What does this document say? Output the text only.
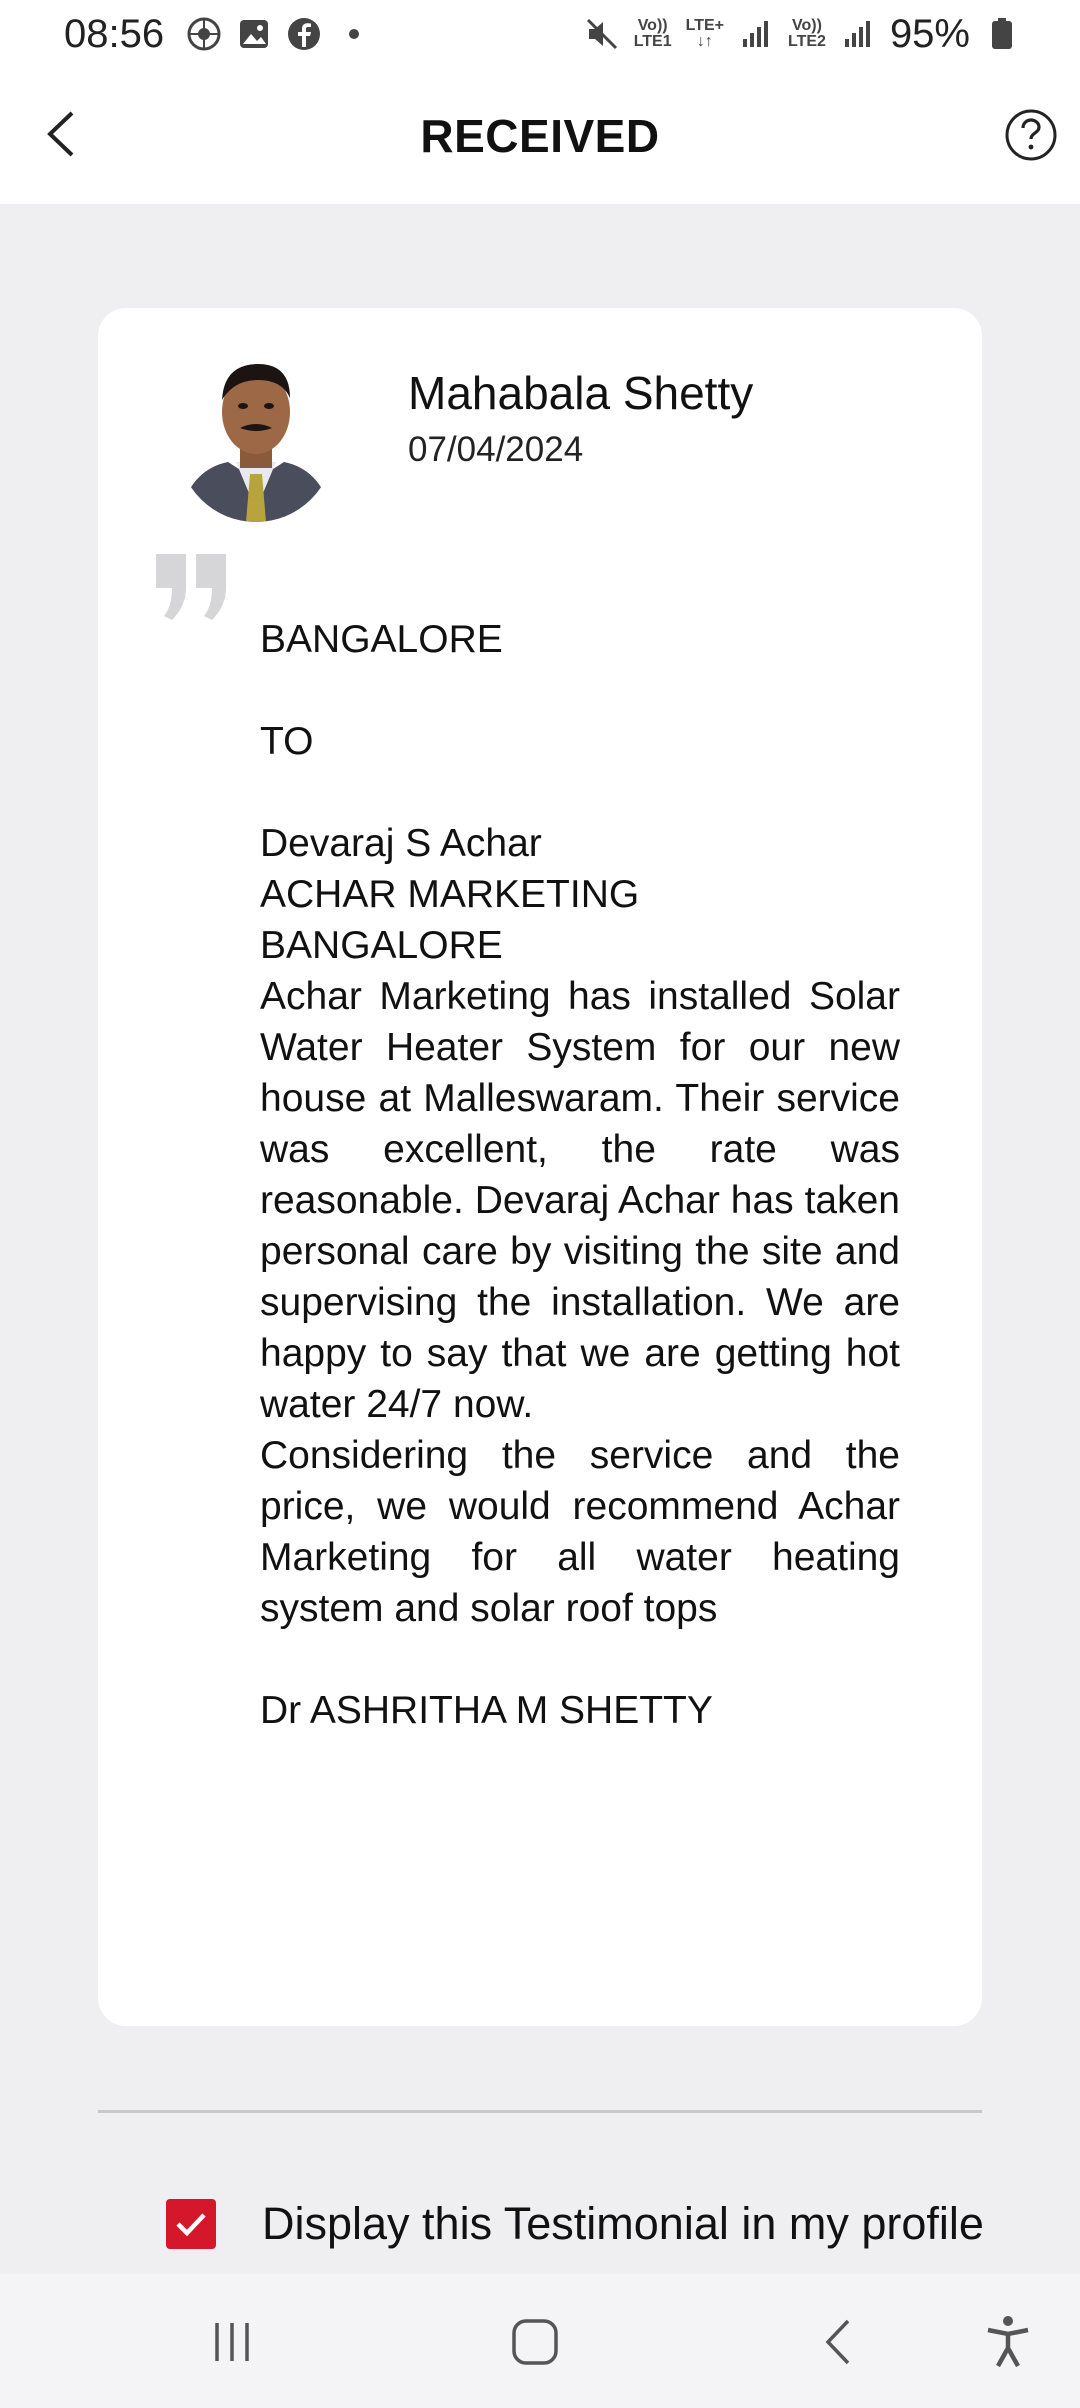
08:56	Vo))
LTE1
LTE+
↓↑
Vo))
LTE2 95%
RECEIVED
Mahabala Shetty
07/04/2024

BANGALORE

TO

Devaraj S Achar

ACHAR MARKETING

BANGALORE

Achar Marketing has installed Solar Water Heater System for our new house at Malleswaram. Their service was excellent, the rate was reasonable. Devaraj Achar has taken personal care by visiting the site and supervising the installation. We are happy to say that we are getting hot water 24/7 now.

Considering the service and the price, we would recommend Achar Marketing for all water heating system and solar roof tops

Dr ASHRITHA M SHETTY

Display this Testimonial in my profile
